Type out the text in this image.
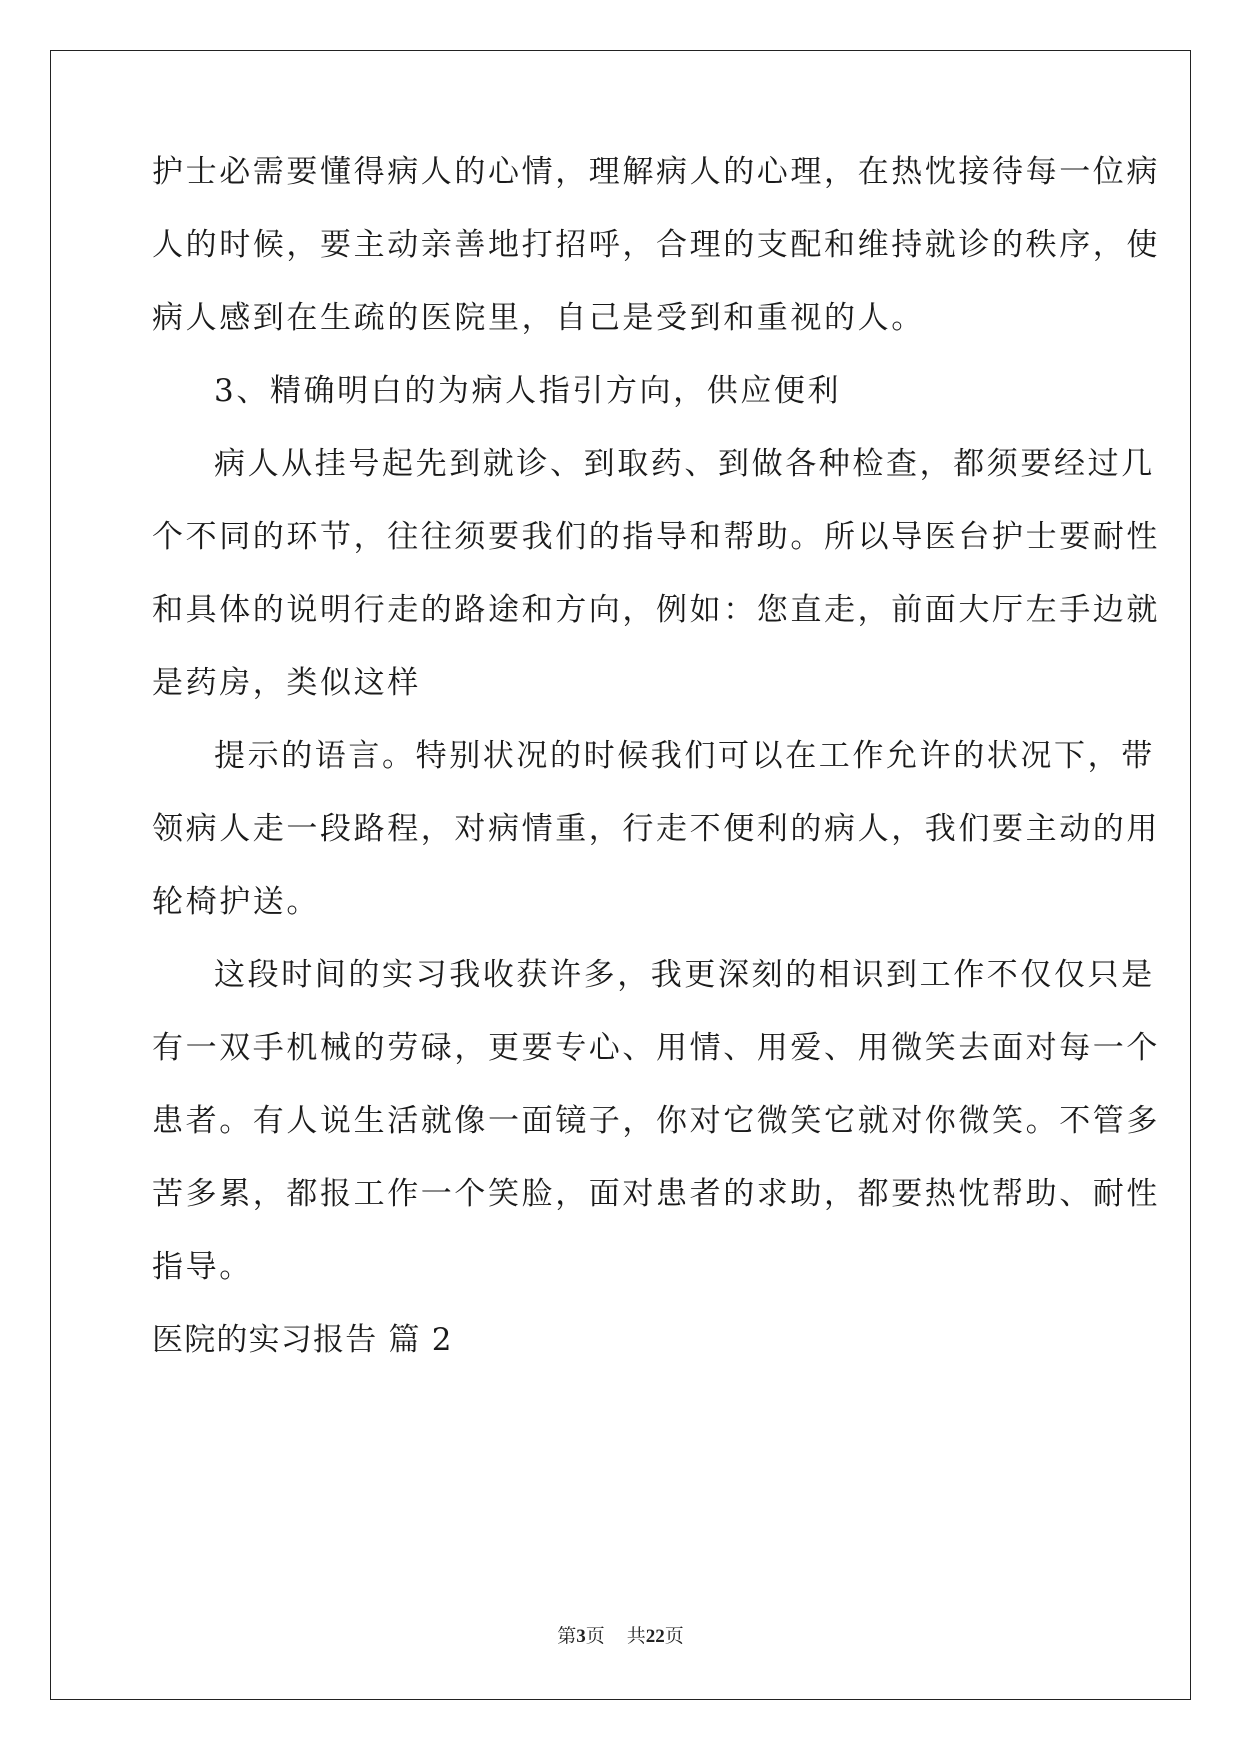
护士必需要懂得病人的心情，理解病人的心理，在热忱接待每一位病
人的时候，要主动亲善地打招呼，合理的支配和维持就诊的秩序，使
病人感到在生疏的医院里，自己是受到和重视的人。
3、精确明白的为病人指引方向，供应便利
病人从挂号起先到就诊、到取药、到做各种检查，都须要经过几
个不同的环节，往往须要我们的指导和帮助。所以导医台护士要耐性
和具体的说明行走的路途和方向，例如：您直走，前面大厅左手边就
是药房，类似这样
提示的语言。特别状况的时候我们可以在工作允许的状况下，带
领病人走一段路程，对病情重，行走不便利的病人，我们要主动的用
轮椅护送。
这段时间的实习我收获许多，我更深刻的相识到工作不仅仅只是
有一双手机械的劳碌，更要专心、用情、用爱、用微笑去面对每一个
患者。有人说生活就像一面镜子，你对它微笑它就对你微笑。不管多
苦多累，都报工作一个笑脸，面对患者的求助，都要热忱帮助、耐性
指导。
医院的实习报告 篇 2
第3页 共22页
